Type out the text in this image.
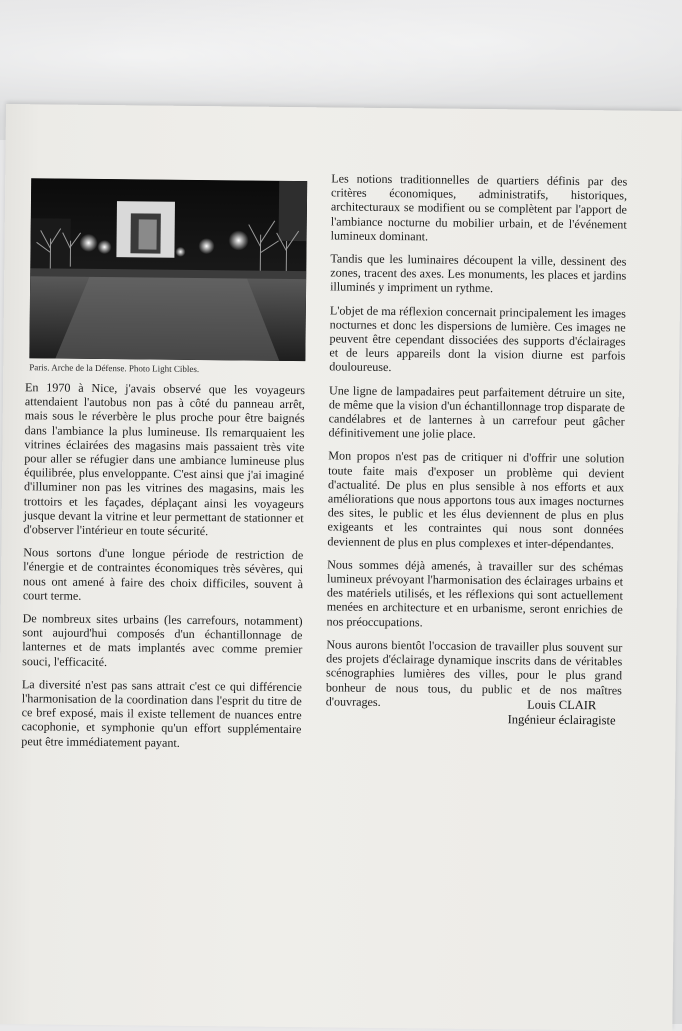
Paris. Arche de la Défense. Photo Light Cibles.

En 1970 à Nice, j'avais observé que les voyageurs attendaient l'autobus non pas à côté du panneau arrêt, mais sous le réverbère le plus proche pour être baignés dans l'ambiance la plus lumineuse. Ils remarquaient les vitrines éclairées des magasins mais passaient très vite pour aller se réfugier dans une ambiance lumineuse plus équilibrée, plus enveloppante. C'est ainsi que j'ai imaginé d'illuminer non pas les vitrines des magasins, mais les trottoirs et les façades, déplaçant ainsi les voyageurs jusque devant la vitrine et leur permettant de stationner et d'observer l'intérieur en toute sécurité.

Nous sortons d'une longue période de restriction de l'énergie et de contraintes économiques très sévères, qui nous ont amené à faire des choix difficiles, souvent à court terme.

De nombreux sites urbains (les carrefours, notamment) sont aujourd'hui composés d'un échantillonnage de lanternes et de mats implantés avec comme premier souci, l'efficacité.

La diversité n'est pas sans attrait c'est ce qui différencie l'harmonisation de la coordination dans l'esprit du titre de ce bref exposé, mais il existe tellement de nuances entre cacophonie, et symphonie qu'un effort supplémentaire peut être immédiatement payant.

Les notions traditionnelles de quartiers définis par des critères économiques, administratifs, historiques, architecturaux se modifient ou se complètent par l'apport de l'ambiance nocturne du mobilier urbain, et de l'événement lumineux dominant.

Tandis que les luminaires découpent la ville, dessinent des zones, tracent des axes. Les monuments, les places et jardins illuminés y impriment un rythme.

L'objet de ma réflexion concernait principalement les images nocturnes et donc les dispersions de lumière. Ces images ne peuvent être cependant dissociées des supports d'éclairages et de leurs appareils dont la vision diurne est parfois douloureuse.

Une ligne de lampadaires peut parfaitement détruire un site, de même que la vision d'un échantillonnage trop disparate de candélabres et de lanternes à un carrefour peut gâcher définitivement une jolie place.

Mon propos n'est pas de critiquer ni d'offrir une solution toute faite mais d'exposer un problème qui devient d'actualité. De plus en plus sensible à nos efforts et aux améliorations que nous apportons tous aux images nocturnes des sites, le public et les élus deviennent de plus en plus exigeants et les contraintes qui nous sont données deviennent de plus en plus complexes et inter-dépendantes.

Nous sommes déjà amenés, à travailler sur des schémas lumineux prévoyant l'harmonisation des éclairages urbains et des matériels utilisés, et les réflexions qui sont actuellement menées en architecture et en urbanisme, seront enrichies de nos préoccupations.

Nous aurons bientôt l'occasion de travailler plus souvent sur des projets d'éclairage dynamique inscrits dans de véritables scénographies lumières des villes, pour le plus grand bonheur de nous tous, du public et de nos maîtres d'ouvrages.	Louis CLAIR
Ingénieur éclairagiste
